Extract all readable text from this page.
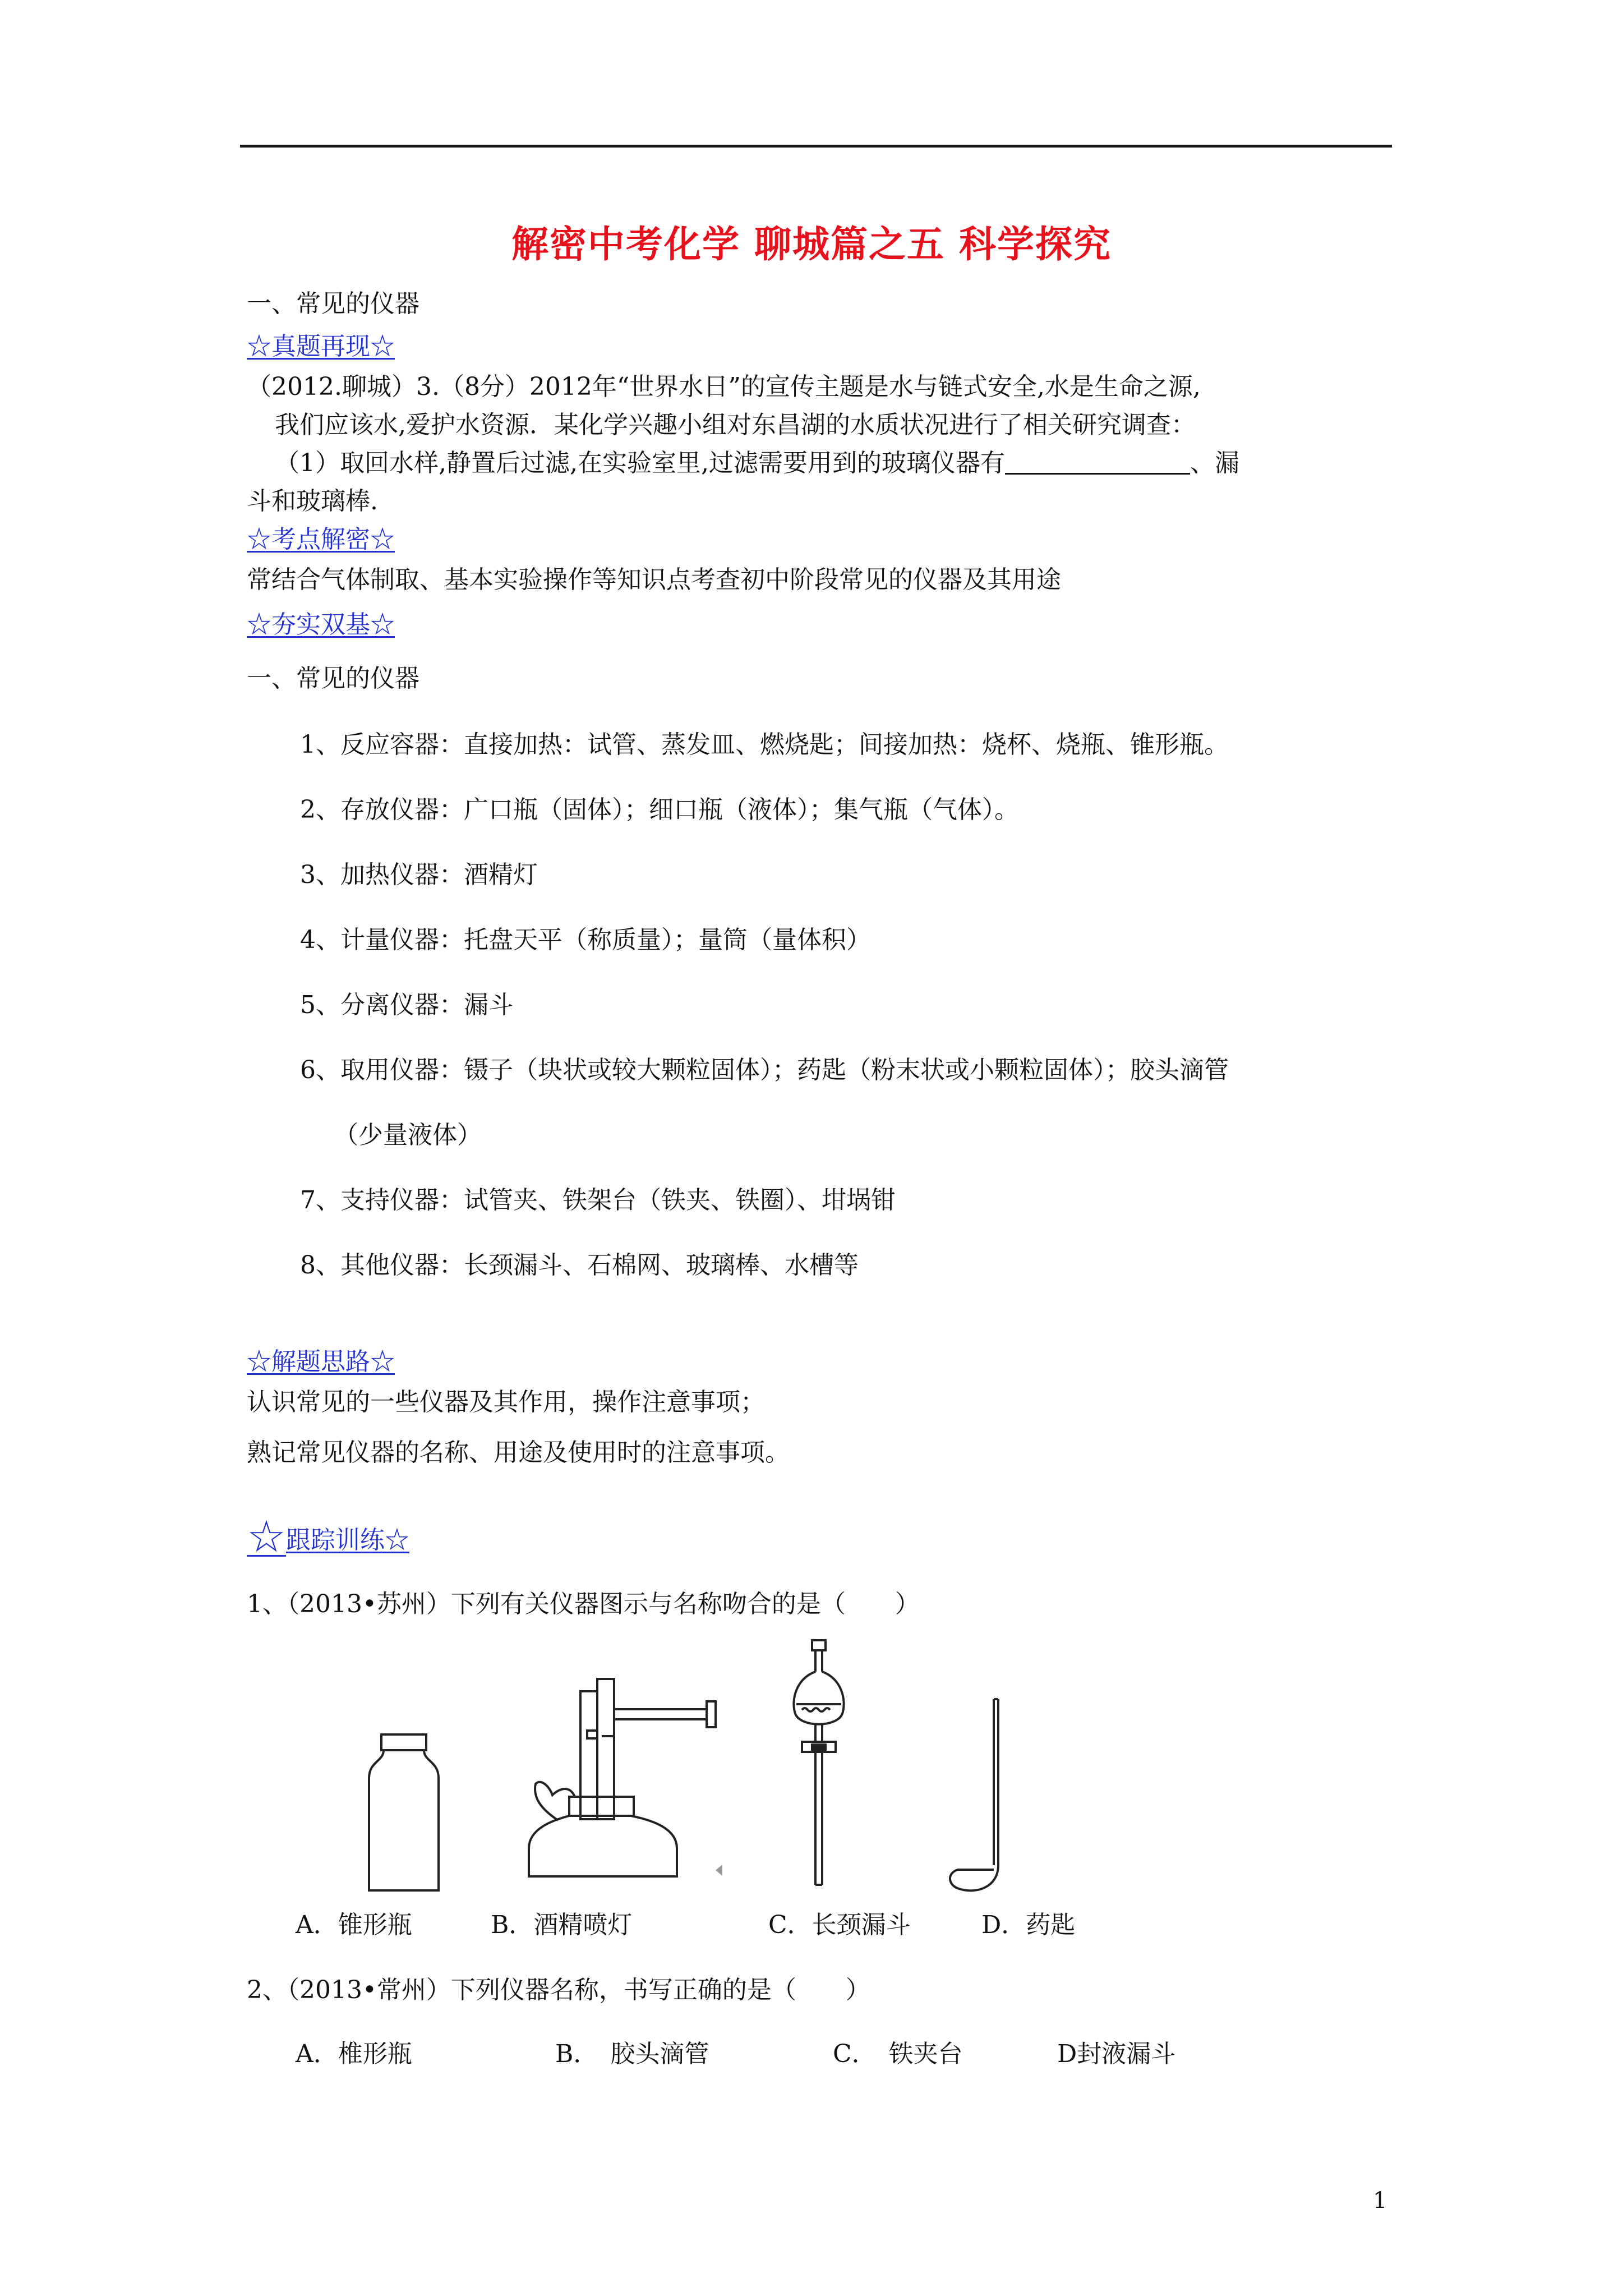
解密中考化学 聊城篇之五 科学探究
一、常见的仪器
☆真题再现☆
（2012.聊城）3.（8分）2012年“世界水日”的宣传主题是水与链式安全,水是生命之源,
我们应该水,爱护水资源．某化学兴趣小组对东昌湖的水质状况进行了相关研究调查：
（1）取回水样,静置后过滤,在实验室里,过滤需要用到的玻璃仪器有	、漏
斗和玻璃棒.
☆考点解密☆
常结合气体制取、基本实验操作等知识点考查初中阶段常见的仪器及其用途
☆夯实双基☆
一、常见的仪器
1、反应容器：直接加热：试管、蒸发皿、燃烧匙；间接加热：烧杯、烧瓶、锥形瓶。
2、存放仪器：广口瓶（固体）；细口瓶（液体）；集气瓶（气体）。
3、加热仪器：酒精灯
4、计量仪器：托盘天平（称质量）；量筒（量体积）
5、分离仪器：漏斗
6、取用仪器：镊子（块状或较大颗粒固体）；药匙（粉末状或小颗粒固体）；胶头滴管
（少量液体）
7、支持仪器：试管夹、铁架台（铁夹、铁圈）、坩埚钳
8、其他仪器：长颈漏斗、石棉网、玻璃棒、水槽等
☆解题思路☆
认识常见的一些仪器及其作用，操作注意事项；
熟记常见仪器的名称、用途及使用时的注意事项。
☆跟踪训练☆
1、（2013•苏州）下列有关仪器图示与名称吻合的是（　　）
A．锥形瓶	B．酒精喷灯	C．长颈漏斗	D．药匙
2、（2013•常州）下列仪器名称，书写正确的是（　　）
A．椎形瓶	B．　胶头滴管	C．　铁夹台	D封液漏斗
1
